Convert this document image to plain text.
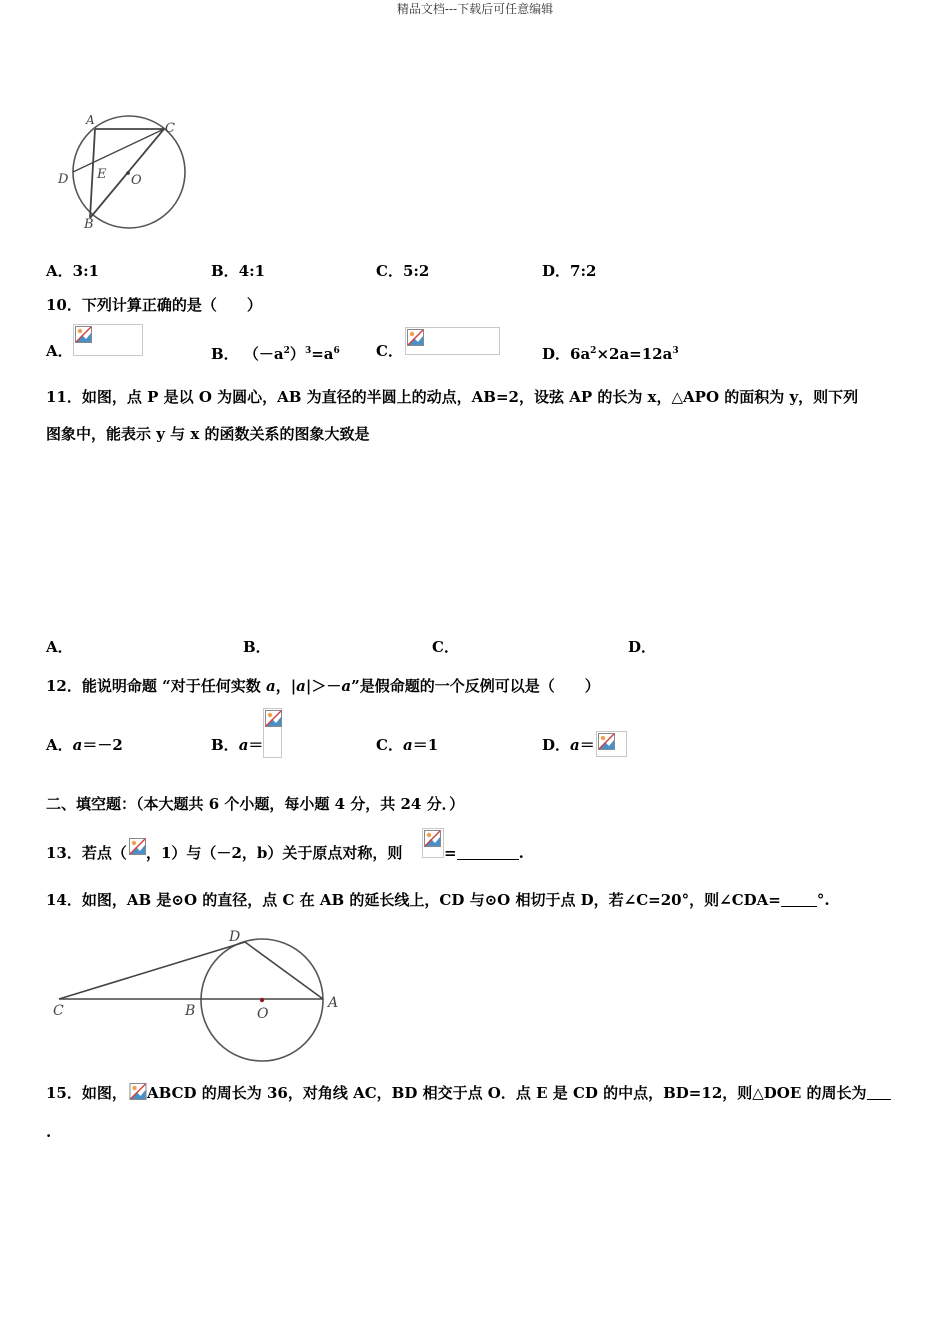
精品文档---下载后可任意编辑
A
C
D E O
B
A．3:1	B．4:1	C．5:2	D．7:2
10．下列计算正确的是（　　）
A．	B． $(-a^2)^3=a^6$ C．	D．$6a^2\times 2a=12a^3$
11．如图，点 P 是以 O 为圆心，AB 为直径的半圆上的动点，AB=2，设弦 AP 的长为 x，△APO 的面积为 y，则下列
图象中，能表示 y 与 x 的函数关系的图象大致是
A．	B．	C．	D．
12．能说明命题 “对于任何实数 a，|a|＞－a”是假命题的一个反例可以是（　　）
A．a＝－2	B．a＝	C．a＝1	D．a＝
二、填空题：（本大题共 6 个小题，每小题 4 分，共 24 分．）
13．若点（ ，1）与（－2，b）关于原点对称，则	=	.
14．如图，AB 是⊙O 的直径，点 C 在 AB 的延长线上，CD 与⊙O 相切于点 D，若∠C=20°，则∠CDA= °.
C	B	O
A
D
15．如图， ABCD 的周长为 36，对角线 AC，BD 相交于点 O．点 E 是 CD 的中点，BD=12，则△DOE 的周长为
.
